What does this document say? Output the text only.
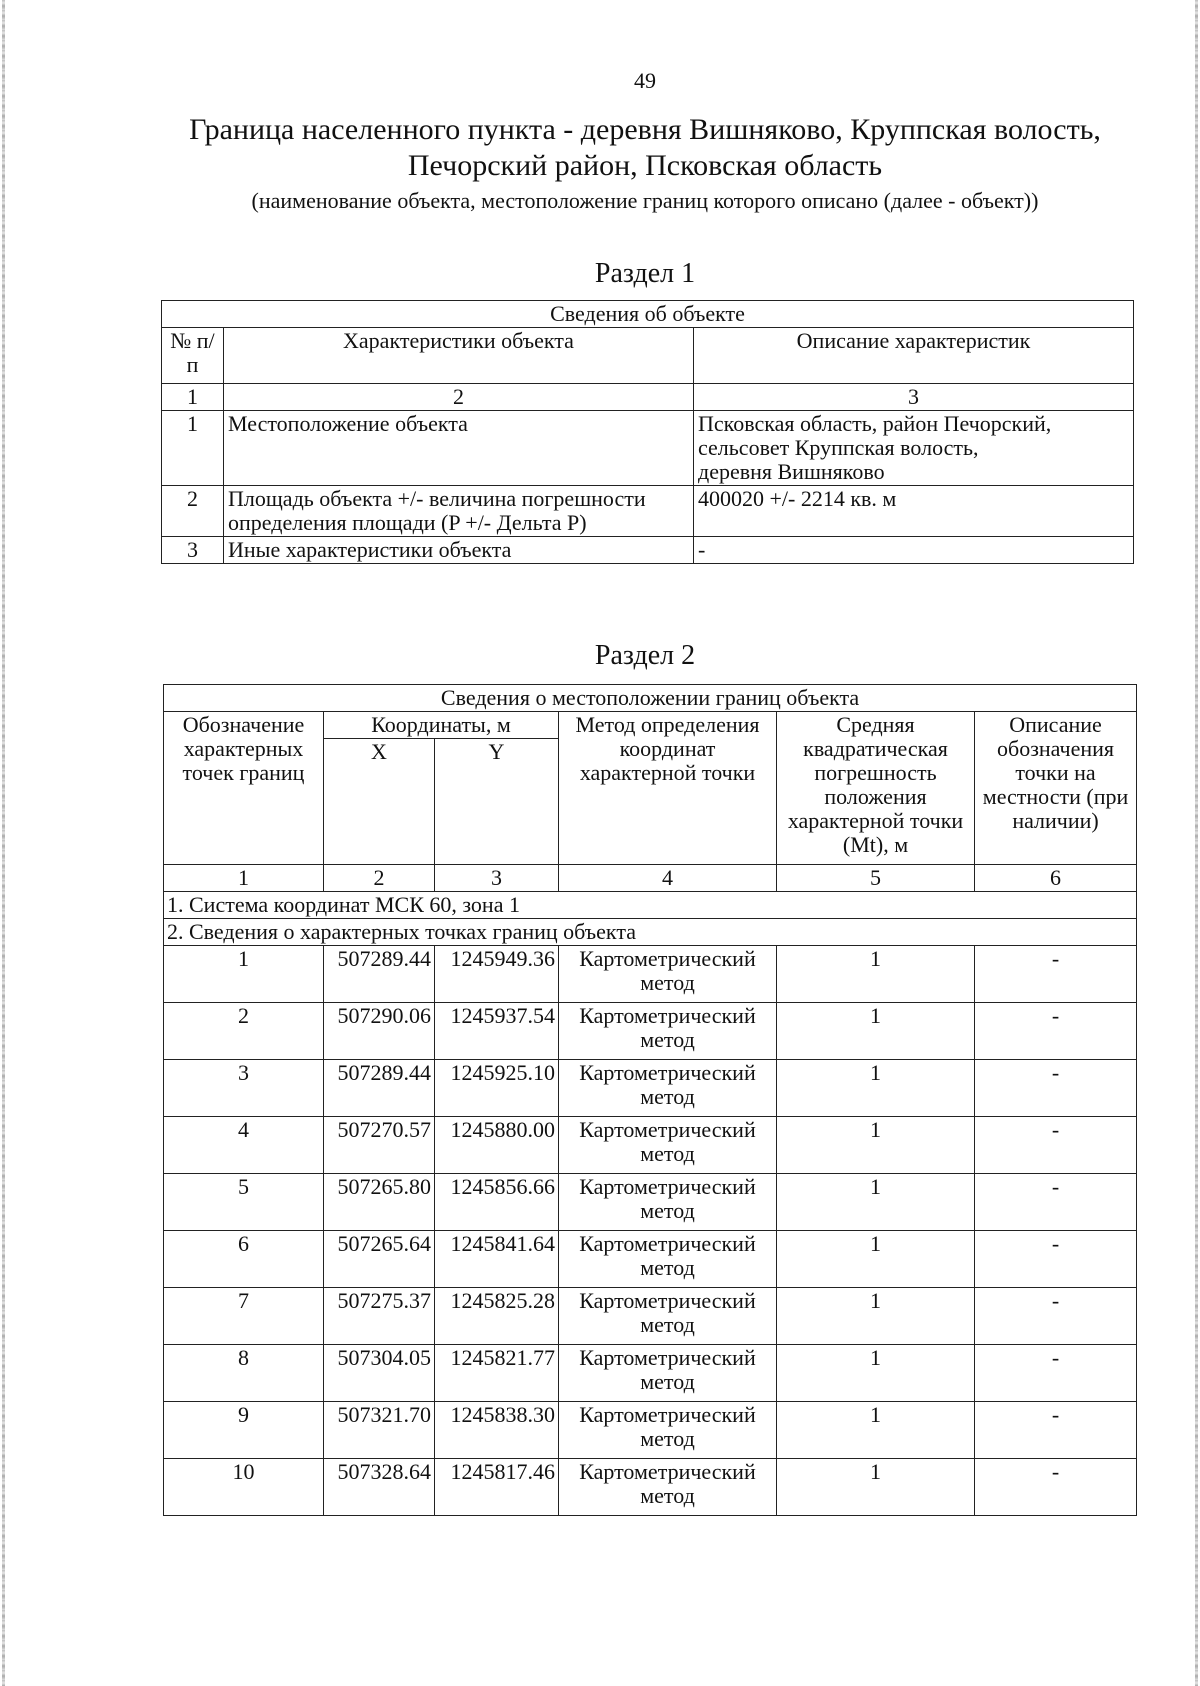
49
Граница населенного пункта - деревня Вишняково, Круппская волость,
Печорский район, Псковская область
(наименование объекта, местоположение границ которого описано (далее - объект))
Раздел 1
Сведения об объекте		
№ п/п	Характеристики объекта	Описание характеристик
1	2	3
1	Местоположение объекта	Псковская область, район Печорский,
сельсовет Круппская волость,
деревня Вишняково

2	Площадь объекта +/- величина погрешности
определения площади (P +/- Дельта P)	400020 +/- 2214 кв. м
3	Иные характеристики объекта	-
Раздел 2
Сведения о местоположении границ объекта					
Обозначение характерных точек границ	Координаты, м		Метод определения координат характерной точки	Средняя квадратическая погрешность положения характерной точки (Mt), м	Описание обозначения точки на местности (при наличии)
	X	Y			
1	2	3	4	5	6
1. Система координат МСК 60, зона 1					
2. Сведения о характерных точках границ объекта					
1	507289.44	1245949.36	Картометрический метод	1	-
2	507290.06	1245937.54	Картометрический метод	1	-
3	507289.44	1245925.10	Картометрический метод	1	-
4	507270.57	1245880.00	Картометрический метод	1	-
5	507265.80	1245856.66	Картометрический метод	1	-
6	507265.64	1245841.64	Картометрический метод	1	-
7	507275.37	1245825.28	Картометрический метод	1	-
8	507304.05	1245821.77	Картометрический метод	1	-
9	507321.70	1245838.30	Картометрический метод	1	-
10	507328.64	1245817.46	Картометрический метод	1	-
